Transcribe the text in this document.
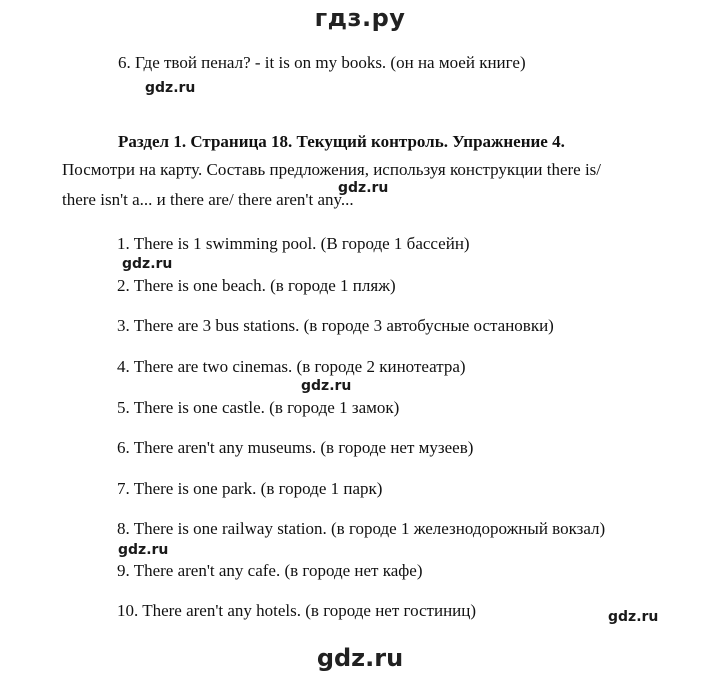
гдз.ру
6. Где твой пенал? - it is on my books. (он на моей книге)
gdz.ru
Раздел 1. Страница 18. Текущий контроль. Упражнение 4.
Посмотри на карту. Составь предложения, используя конструкции there is/
gdz.ru
there isn't a... и there are/ there aren't any...
1. There is 1 swimming pool. (В городе 1 бассейн)
gdz.ru
2. There is one beach. (в городе 1 пляж)
3. There are 3 bus stations. (в городе 3 автобусные остановки)
4. There are two cinemas. (в городе 2 кинотеатра)
gdz.ru
5. There is one castle. (в городе 1 замок)
6. There aren't any museums. (в городе нет музеев)
7. There is one park. (в городе 1 парк)
8. There is one railway station. (в городе 1 железнодорожный вокзал)
gdz.ru
9. There aren't any cafe. (в городе нет кафе)
10. There aren't any hotels. (в городе нет гостиниц)	gdz.ru
gdz.ru
